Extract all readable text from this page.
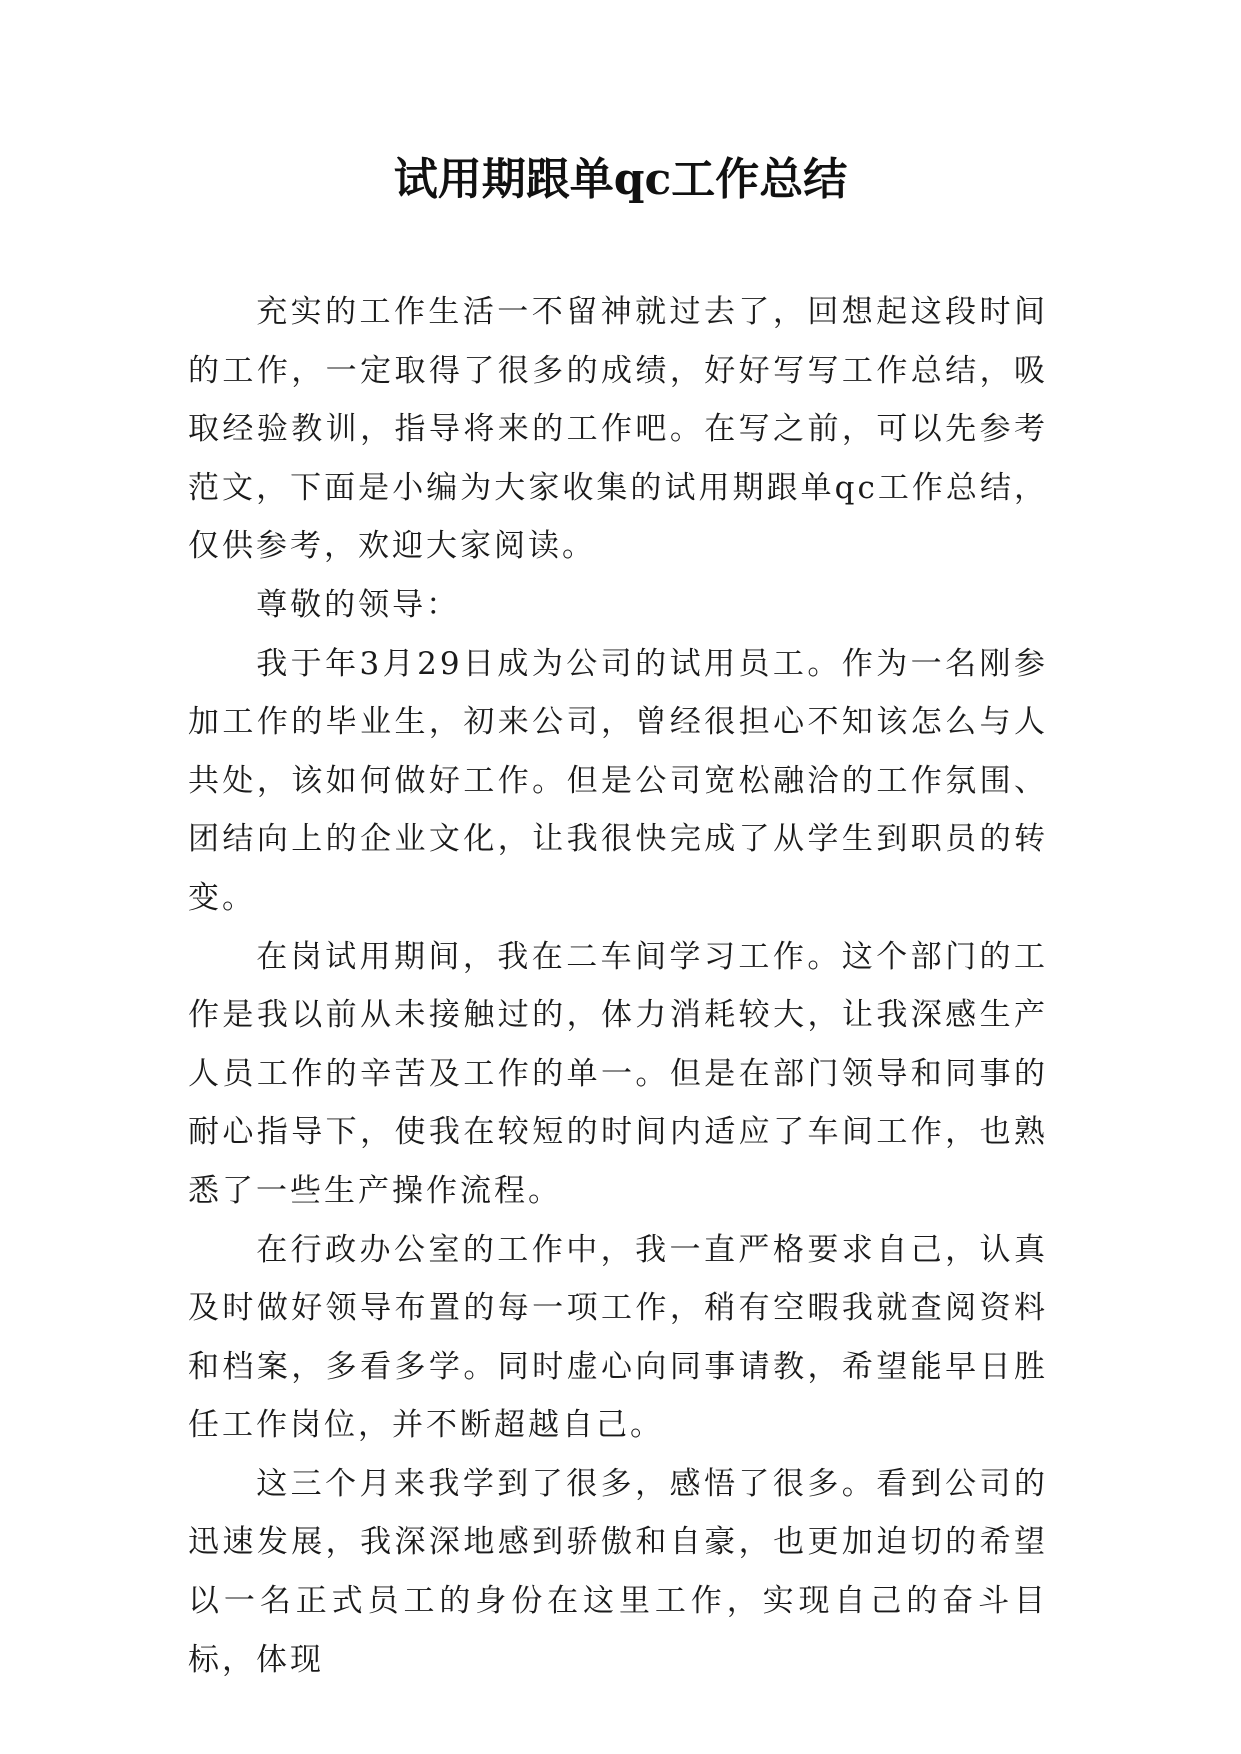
试用期跟单qc工作总结

充实的工作生活一不留神就过去了，回想起这段时间的工作，一定取得了很多的成绩，好好写写工作总结，吸取经验教训，指导将来的工作吧。在写之前，可以先参考范文，下面是小编为大家收集的试用期跟单qc工作总结，仅供参考，欢迎大家阅读。

尊敬的领导：

我于年3月29日成为公司的试用员工。作为一名刚参加工作的毕业生，初来公司，曾经很担心不知该怎么与人共处，该如何做好工作。但是公司宽松融洽的工作氛围、团结向上的企业文化，让我很快完成了从学生到职员的转变。

在岗试用期间，我在二车间学习工作。这个部门的工作是我以前从未接触过的，体力消耗较大，让我深感生产人员工作的辛苦及工作的单一。但是在部门领导和同事的耐心指导下，使我在较短的时间内适应了车间工作，也熟悉了一些生产操作流程。

在行政办公室的工作中，我一直严格要求自己，认真及时做好领导布置的每一项工作，稍有空暇我就查阅资料和档案，多看多学。同时虚心向同事请教，希望能早日胜任工作岗位，并不断超越自己。

这三个月来我学到了很多，感悟了很多。看到公司的迅速发展，我深深地感到骄傲和自豪，也更加迫切的希望以一名正式员工的身份在这里工作，实现自己的奋斗目标，体现
